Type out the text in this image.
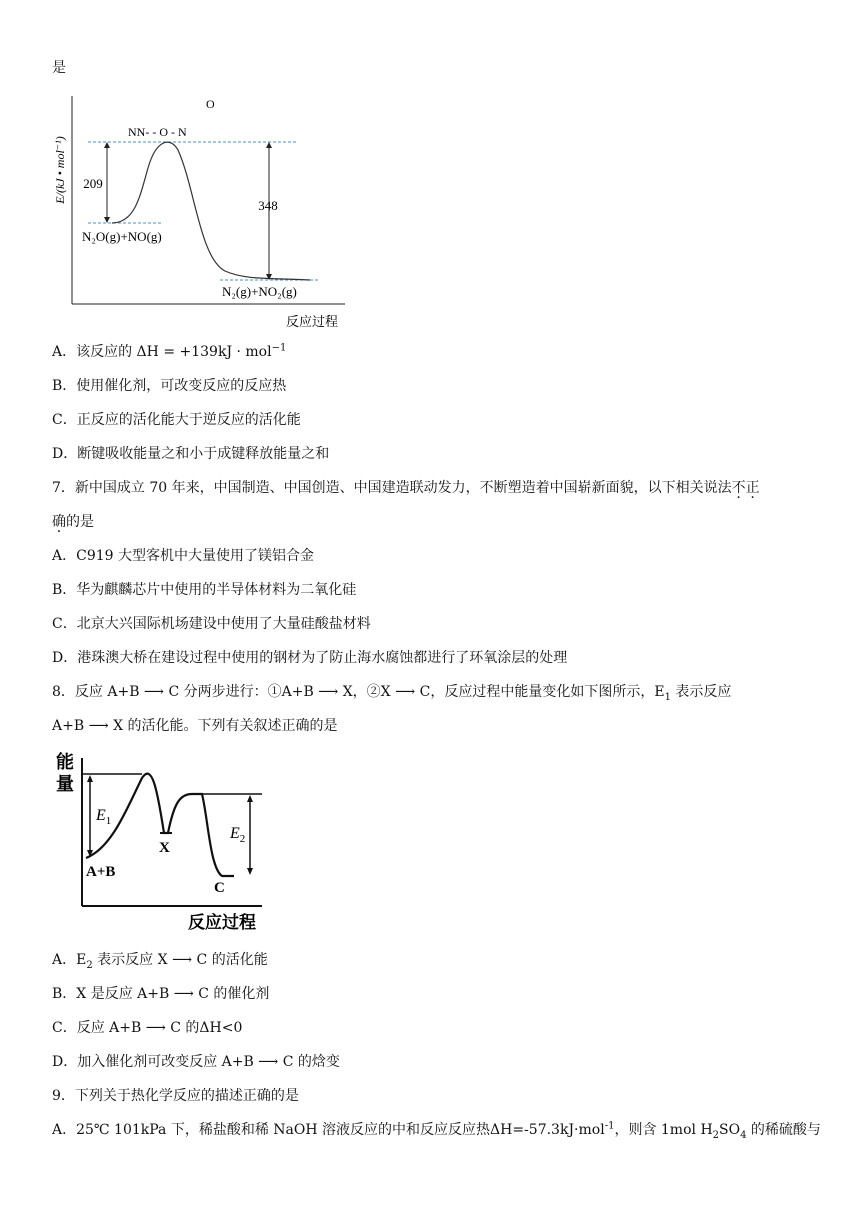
是
E/(kJ • mol⁻¹) 209
348
NN- - O - N
O
N₂O(g)+NO(g)
N₂(g)+NO₂(g)
反应过程
A．该反应的 ΔH = +139kJ · mol$^{-1}$
B．使用催化剂，可改变反应的反应热
C．正反应的活化能大于逆反应的活化能
D．断键吸收能量之和小于成键释放能量之和
7．新中国成立 70 年来，中国制造、中国创造、中国建造联动发力，不断塑造着中国崭新面貌，以下相关说法不正
确的是
A．C919 大型客机中大量使用了镁铝合金
B．华为麒麟芯片中使用的半导体材料为二氧化硅
C．北京大兴国际机场建设中使用了大量硅酸盐材料
D．港珠澳大桥在建设过程中使用的钢材为了防止海水腐蚀都进行了环氧涂层的处理
8．反应 A+B ⟶ C 分两步进行：①A+B ⟶ X，②X ⟶ C，反应过程中能量变化如下图所示，$E_1$ 表示反应
A+B ⟶ X 的活化能。下列有关叙述正确的是
能
量
$E_1$
$E_2$
X
A+B
C
反应过程
A．$E_2$ 表示反应 X ⟶ C 的活化能
B．X 是反应 A+B ⟶ C 的催化剂
C．反应 A+B ⟶ C 的ΔH<0
D．加入催化剂可改变反应 A+B ⟶ C 的焓变
9．下列关于热化学反应的描述正确的是
A．25℃ 101kPa 下，稀盐酸和稀 NaOH 溶液反应的中和反应反应热ΔH=-57.3kJ·mol$^{-1}$，则含 1mol $H_2SO_4$ 的稀硫酸与
